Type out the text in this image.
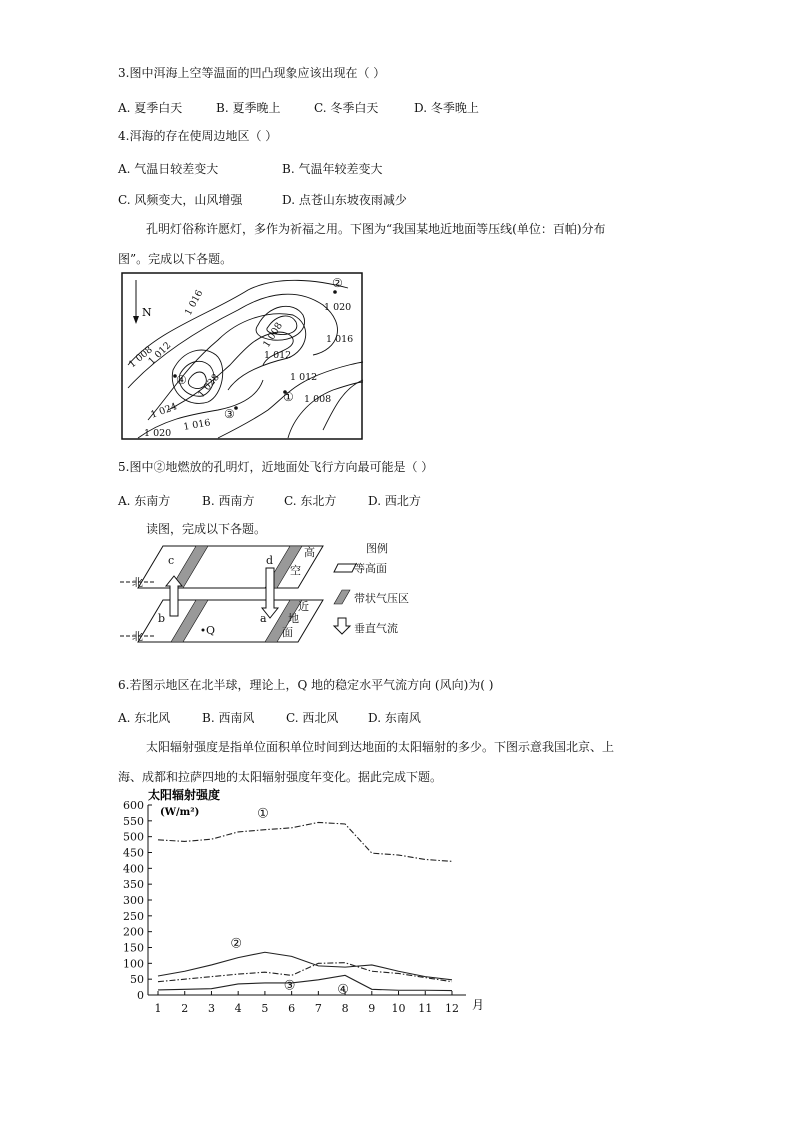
3.图中洱海上空等温面的凹凸现象应该出现在（ ）
A. 夏季白天	B. 夏季晚上	C. 冬季白天	D. 冬季晚上
4.洱海的存在使周边地区（ ）
A. 气温日较差变大	B. 气温年较差变大
C. 风频变大，山风增强	D. 点苍山东坡夜雨减少
孔明灯俗称许愿灯，多作为祈福之用。下图为“我国某地近地面等压线(单位：百帕)分布
图”。完成以下各题。
N	1 016
1 008
1 012
1 028
1 024
1 020
1 016
1 008
1 012
1 020
1 016
1 012
1 008
②
①
③
④
5.图中②地燃放的孔明灯，近地面处飞行方向最可能是（ ）
A. 东南方	B. 西南方 C. 东北方	D. 西北方
读图，完成以下各题。
北
北
c	d
b	a
Q
高
空
近
地
面
图例
等高面
带状气压区
垂直气流
6.若图示地区在北半球，理论上，Q 地的稳定水平气流方向 (风向)为( )
A. 东北风	B. 西南风	C. 西北风 D. 东南风
太阳辐射强度是指单位面积单位时间到达地面的太阳辐射的多少。下图示意我国北京、上
海、成都和拉萨四地的太阳辐射强度年变化。据此完成下题。
太阳辐射强度
(W/m²)
月
0
50
100
150
200
250
300
350
400
450
500
550
600
1 2 3 4 5 6 7 8 9 10 11 12
①
②
③	④
